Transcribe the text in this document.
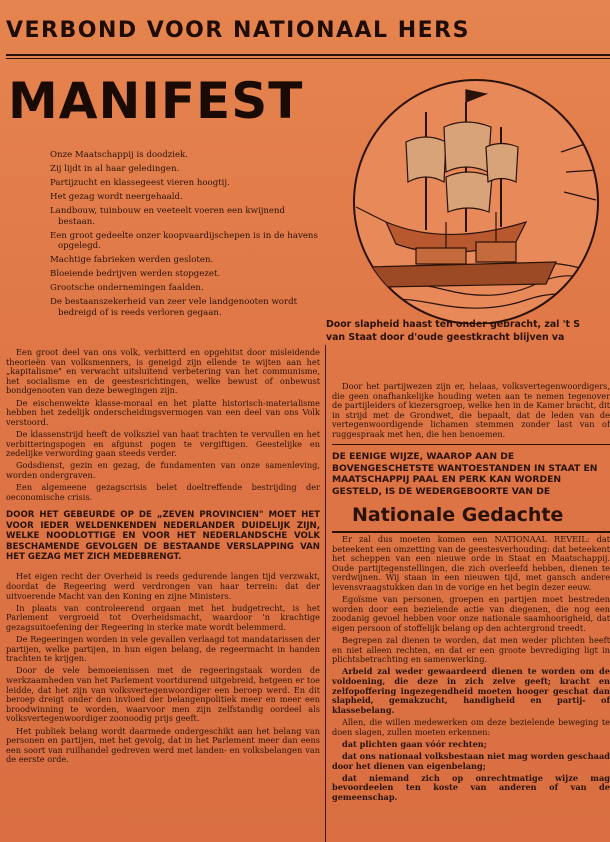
VERBOND VOOR NATIONAAL HERS
MANIFEST

Onze Maatschappij is doodziek.

Zij lijdt in al haar geledingen.

Partijzucht en klassegeest vieren hoogtij.

Het gezag wordt neergehaald.

Landbouw, tuinbouw en veeteelt voeren een kwijnend bestaan.

Een groot gedeelte onzer koopvaardijschepen is in de havens opgelegd.

Machtige fabrieken werden gesloten.

Bloeiende bedrijven werden stopgezet.

Grootsche ondernemingen faalden.

De bestaanszekerheid van zeer vele landgenooten wordt bedreigd of is reeds verloren gegaan.

Door slapheid haast ten onder gebracht, zal 't S
van Staat door d'oude geestkracht blijven va

Een groot deel van ons volk, verbitterd en opgehitst door misleidende theorieën van volksmenners, is geneigd zijn ellende te wijten aan het „kapitalisme" en verwacht uitsluitend verbetering van het communisme, het socialisme en de geestesrichtingen, welke bewust of onbewust bondgenooten van deze bewegingen zijn.

De eischenwekte klasse-moraal en het platte historisch-materialisme hebben het zedelijk onderscheidingsvermogen van een deel van ons Volk verstoord.

De klassenstrijd heeft de volksziel van haat trachten te vervullen en het verbitteringspogen en afgunst pogen te vergiftigen. Geestelijke en zedelijke verwording gaan steeds verder.

Godsdienst, gezin en gezag, de fundamenten van onze samenleving, worden ondergraven.

Een algemeene gezagscrisis belet doeltreffende bestrijding der oeconomische crisis.

DOOR HET GEBEURDE OP DE „ZEVEN PROVINCIEN" MOET HET VOOR IEDER WELDENKENDEN NEDERLANDER DUIDELIJK ZIJN, WELKE NOODLOTTIGE EN VOOR HET NEDERLANDSCHE VOLK BESCHAMENDE GEVOLGEN DE BESTAANDE VERSLAPPING VAN HET GEZAG MET ZICH MEDEBRENGT.

Het eigen recht der Overheid is reeds gedurende langen tijd verzwakt, doordat de Regeering werd verdrongen van haar terrein: dat der uitvoerende Macht van den Koning en zijne Ministers.

In plaats van controleerend orgaan met het budgetrecht, is het Parlement vergroeid tot Overheidsmacht, waardoor 'n krachtige gezagsuitoefening der Regeering in sterke mate wordt belemmerd.

De Regeeringen worden in vele gevallen verlaagd tot mandatarissen der partijen, welke partijen, in hun eigen belang, de regeermacht in handen trachten te krijgen.

Door de vele bemoeienissen met de regeeringstaak worden de werkzaamheden van het Parlement voortdurend uitgebreid, hetgeen er toe leidde, dat het zijn van volksvertegenwoordiger een beroep werd. En dit beroep dreigt onder den invloed der belangenpolitiek meer en meer een broodwinning te worden, waarvoor men zijn zelfstandig oordeel als volksvertegenwoordiger zoonoodig prijs geeft.

Het publiek belang wordt daarmede ondergeschikt aan het belang van personen en partijen, met het gevolg, dat in het Parlement meer dan eens een soort van ruilhandel gedreven werd met landen- en volksbelangen van de eerste orde.

Door het partijwezen zijn er, helaas, volksvertegenwoordigers, die geen onafhankelijke houding weten aan te nemen tegenover de partijleiders of kiezersgroep, welke hen in de Kamer bracht, dit in strijd met de Grondwet, die bepaalt, dat de leden van de vertegenwoordigende lichamen stemmen zonder last van of ruggespraak met hen, die hen benoemen.

DE EENIGE WIJZE, WAAROP AAN DE BOVENGESCHETSTE WANTOESTANDEN IN STAAT EN MAATSCHAPPIJ PAAL EN PERK KAN WORDEN GESTELD, IS DE WEDERGEBOORTE VAN DE

Nationale Gedachte

Er zal dus moeten komen een NATIONAAL REVEIL: dat beteekent een omzetting van de geestesverhouding: dat beteekent het scheppen van een nieuwe orde in Staat en Maatschappij. Oude partijtegenstellingen, die zich overleefd hebben, dienen te verdwijnen. Wij staan in een nieuwen tijd, met gansch andere levensvraagstukken dan in de vorige en het begin dezer eeuw.

Egoïsme van personen, groepen en partijen moet bestreden worden door een bezielende actie van diegenen, die nog een zoodanig gevoel hebben voor onze nationale saamhoorigheid, dat eigen persoon of stoffelijk belang op den achtergrond treedt.

Begrepen zal dienen te worden, dat men weder plichten heeft en niet alleen rechten, en dat er een groote bevrediging ligt in plichtsbetrachting en samenwerking.

Arbeid zal weder gewaardeerd dienen te worden om de voldoening, die deze in zich zelve geeft; kracht en zelfopoffering ingezegendheid moeten hooger geschat dan slapheid, gemakzucht, handigheid en partij- of klassebelang.

Allen, die willen medewerken om deze bezielende beweging te doen slagen, zullen moeten erkennen:

dat plichten gaan vóór rechten;

dat ons nationaal volksbestaan niet mag worden geschaad door het dienen van eigenbelang;

dat niemand zich op onrechtmatige wijze mag bevoordeelen ten koste van anderen of van de gemeenschap.
